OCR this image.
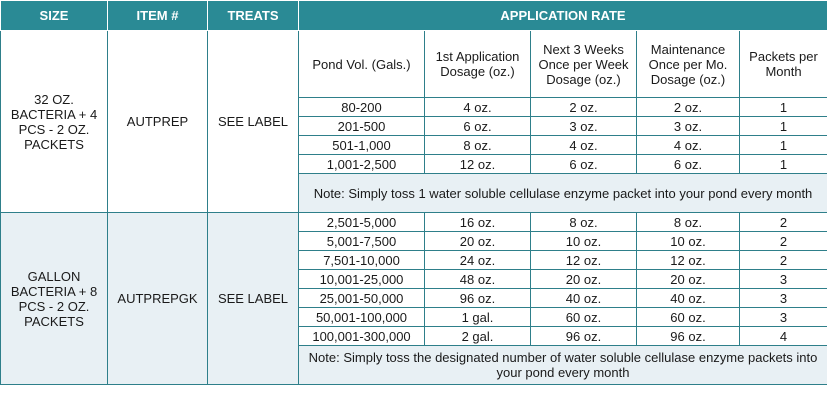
SIZE	ITEM #	TREATS	APPLICATION RATE				
32 OZ. BACTERIA + 4 PCS - 2 OZ. PACKETS	AUTPREP	SEE LABEL	Pond Vol. (Gals.)	1st Application Dosage (oz.)	Next 3 Weeks Once per Week Dosage (oz.)	Maintenance Once per Mo. Dosage (oz.)	Packets per Month
			80-200	4 oz.	2 oz.	2 oz.	1
			201-500	6 oz.	3 oz.	3 oz.	1
			501-1,000	8 oz.	4 oz.	4 oz.	1
			1,001-2,500	12 oz.	6 oz.	6 oz.	1
			Note: Simply toss 1 water soluble cellulase enzyme packet into your pond every month				
GALLON BACTERIA + 8 PCS - 2 OZ. PACKETS	AUTPREPGK	SEE LABEL	2,501-5,000	16 oz.	8 oz.	8 oz.	2
			5,001-7,500	20 oz.	10 oz.	10 oz.	2
			7,501-10,000	24 oz.	12 oz.	12 oz.	2
			10,001-25,000	48 oz.	20 oz.	20 oz.	3
			25,001-50,000	96 oz.	40 oz.	40 oz.	3
			50,001-100,000	1 gal.	60 oz.	60 oz.	3
			100,001-300,000	2 gal.	96 oz.	96 oz.	4
			Note: Simply toss the designated number of water soluble cellulase enzyme packets into your pond every month				
